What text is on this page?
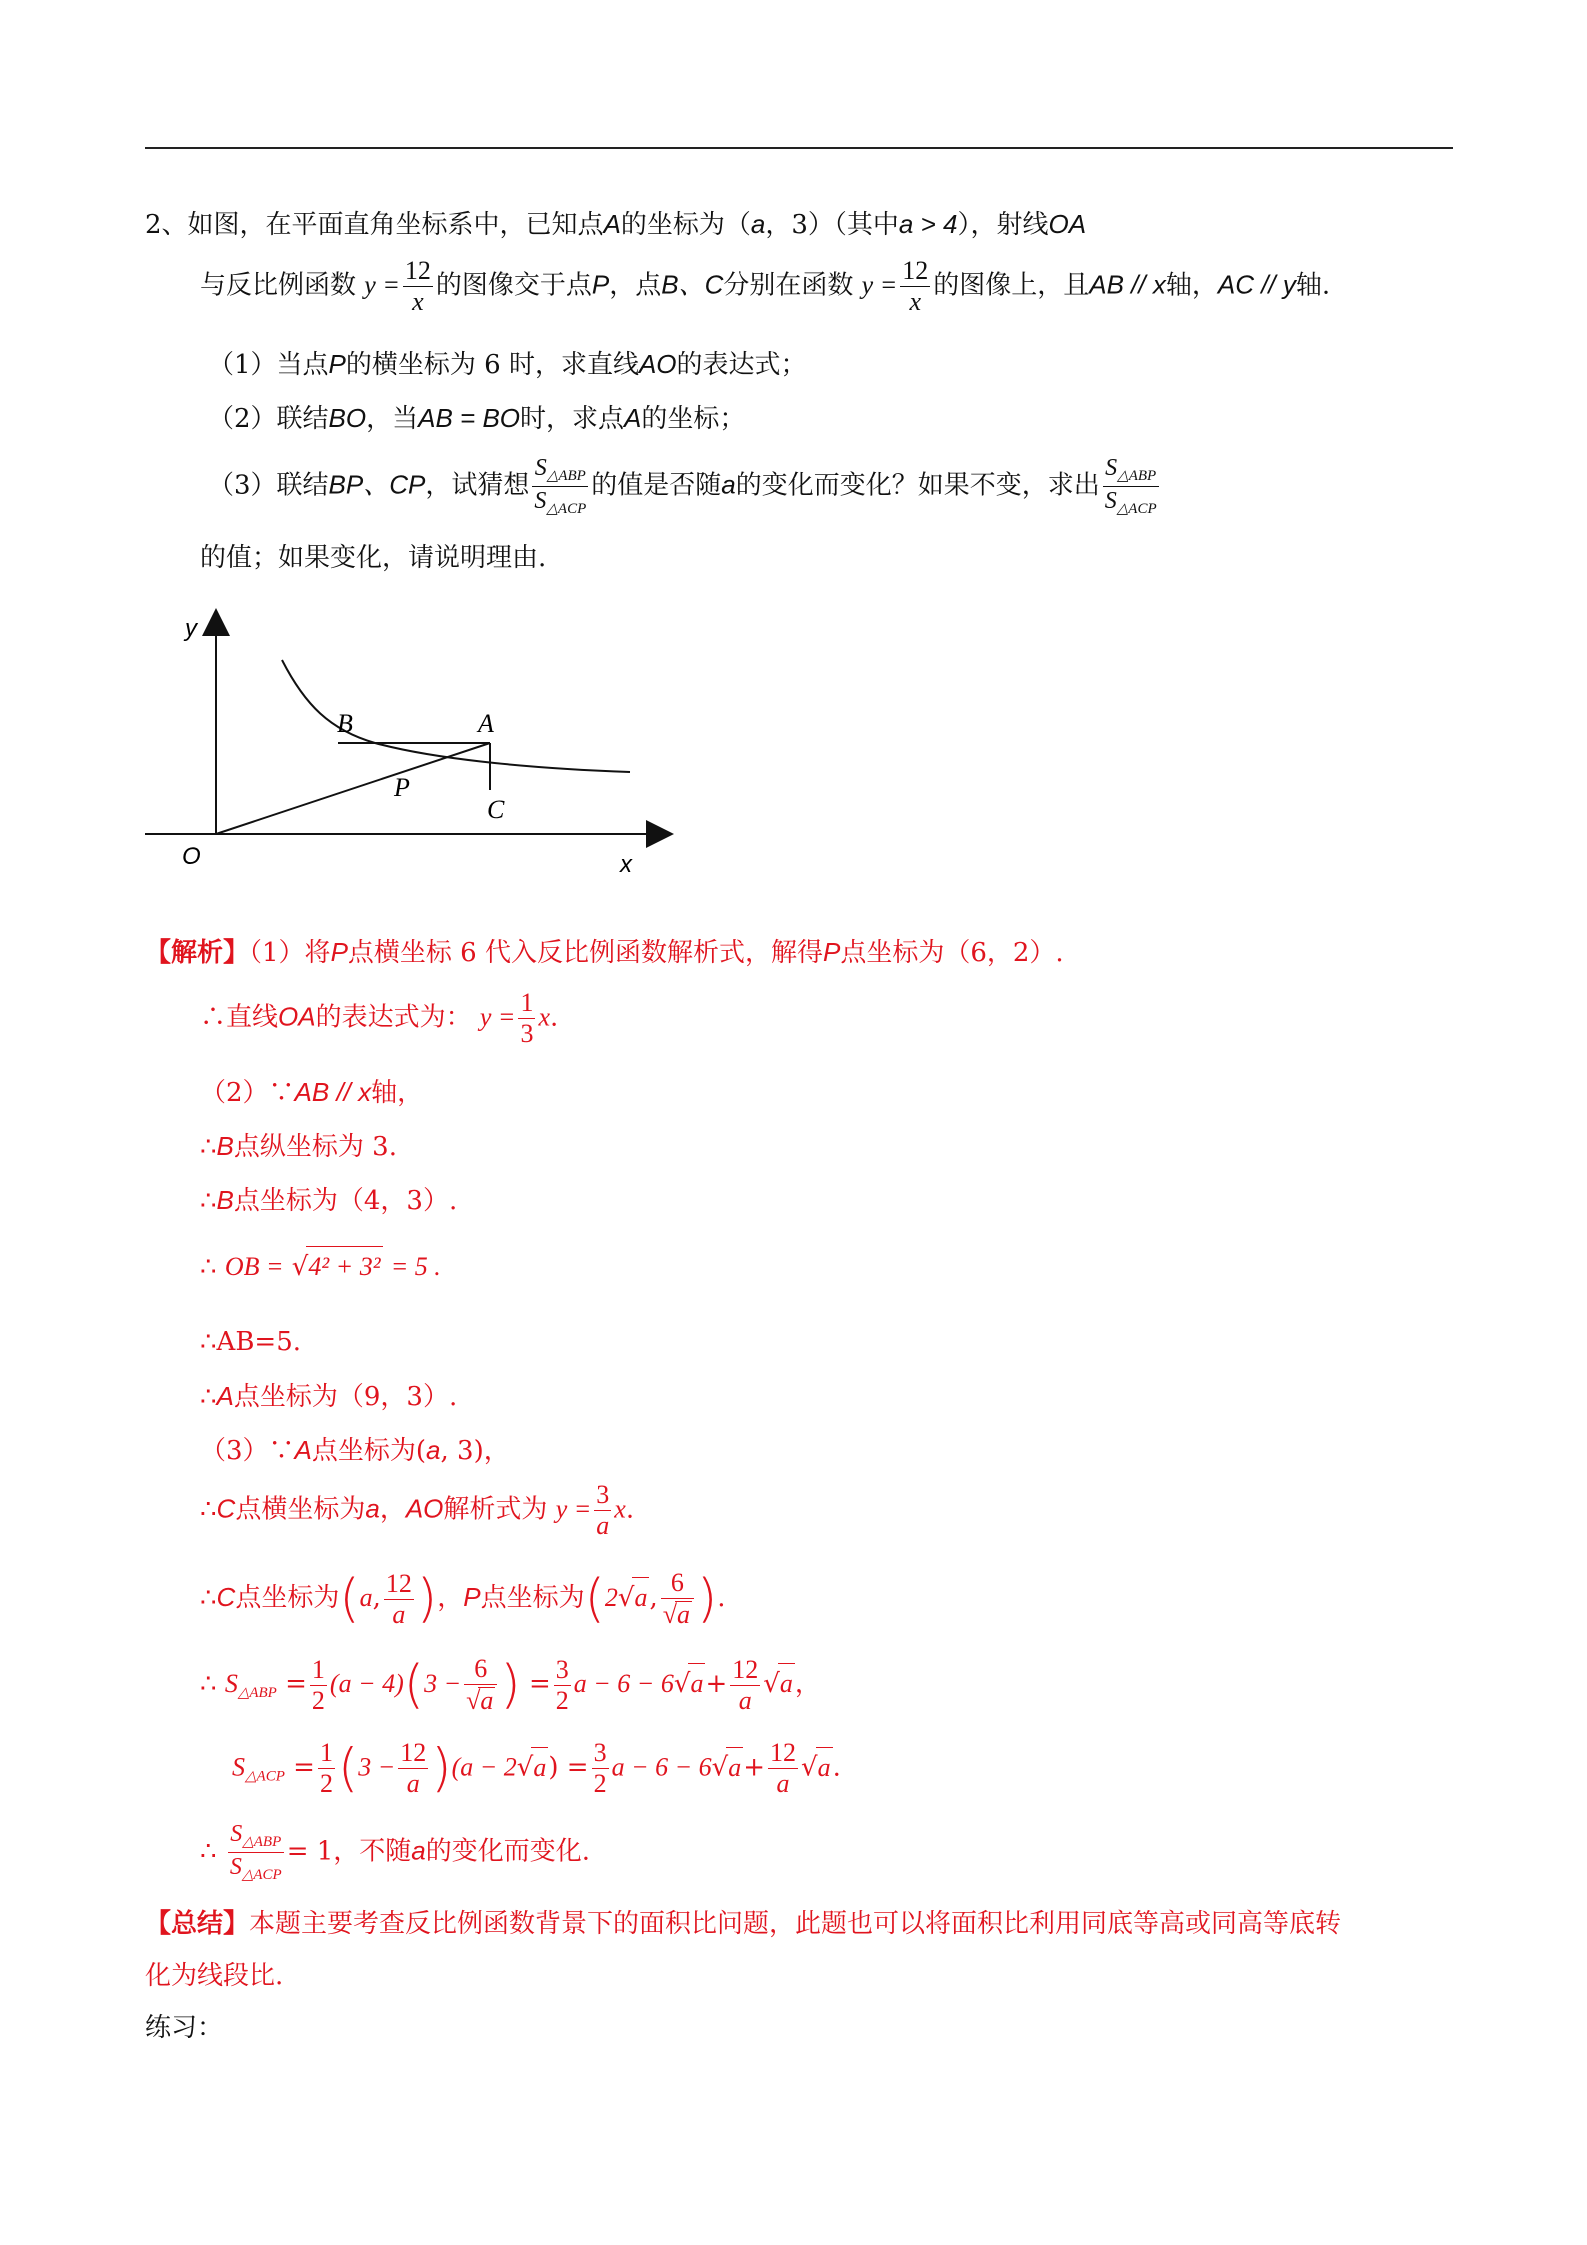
2、如图，在平面直角坐标系中，已知点A的坐标为（a，3）（其中a > 4），射线OA
与反比例函数 $y = \frac{12}{x}$ 的图像交于点P，点B、C分别在函数 $y = \frac{12}{x}$ 的图像上，且AB // x轴，AC // y轴.
（1）当点P的横坐标为 6 时，求直线AO的表达式；
（2）联结BO，当AB = BO时，求点A的坐标；
（3）联结BP、CP，试猜想 $\frac{S_{\triangle ABP}}{S_{\triangle ACP}}$ 的值是否随a的变化而变化？如果不变，求出 $\frac{S_{\triangle ABP}}{S_{\triangle ACP}}$
的值；如果变化，请说明理由.
y
x
O
B	A
P
C
【解析】（1）将P点横坐标 6 代入反比例函数解析式，解得P点坐标为（6，2）.
∴直线OA的表达式为： $y = \frac{1}{3} x$.
（2）∵AB // x轴，
∴B点纵坐标为 3.
∴B点坐标为（4，3）.
∴ OB = √4² + 3² = 5 .
∴AB=5.
∴A点坐标为（9，3）.
（3）∵A点坐标为(a, 3)，
∴C点横坐标为a，AO解析式为 $y = \frac{3}{a} x$.
∴C点坐标为(a, $\frac{12}{a}$ )，P点坐标为(2√a, $\frac{6}{√a}$ ).
∴ $S_{\triangle ABP} = \frac{1}{2} (a - 4)(3 - \frac{6}{√a}$ ) = $\frac{3}{2}$ $a - 6 - 6√a+ \frac{12}{a} √a$，
$S_{\triangle ACP} = \frac{1}{2} (3 - \frac{12}{a} )(a - 2√a) = \frac{3}{2}$ $a - 6 - 6√a+ \frac{12}{a} √a$.
∴ $\frac{S_{\triangle ABP}}{S_{\triangle ACP}} = 1$，不随a的变化而变化.
【总结】本题主要考查反比例函数背景下的面积比问题，此题也可以将面积比利用同底等高或同高等底转
化为线段比.
练习：
